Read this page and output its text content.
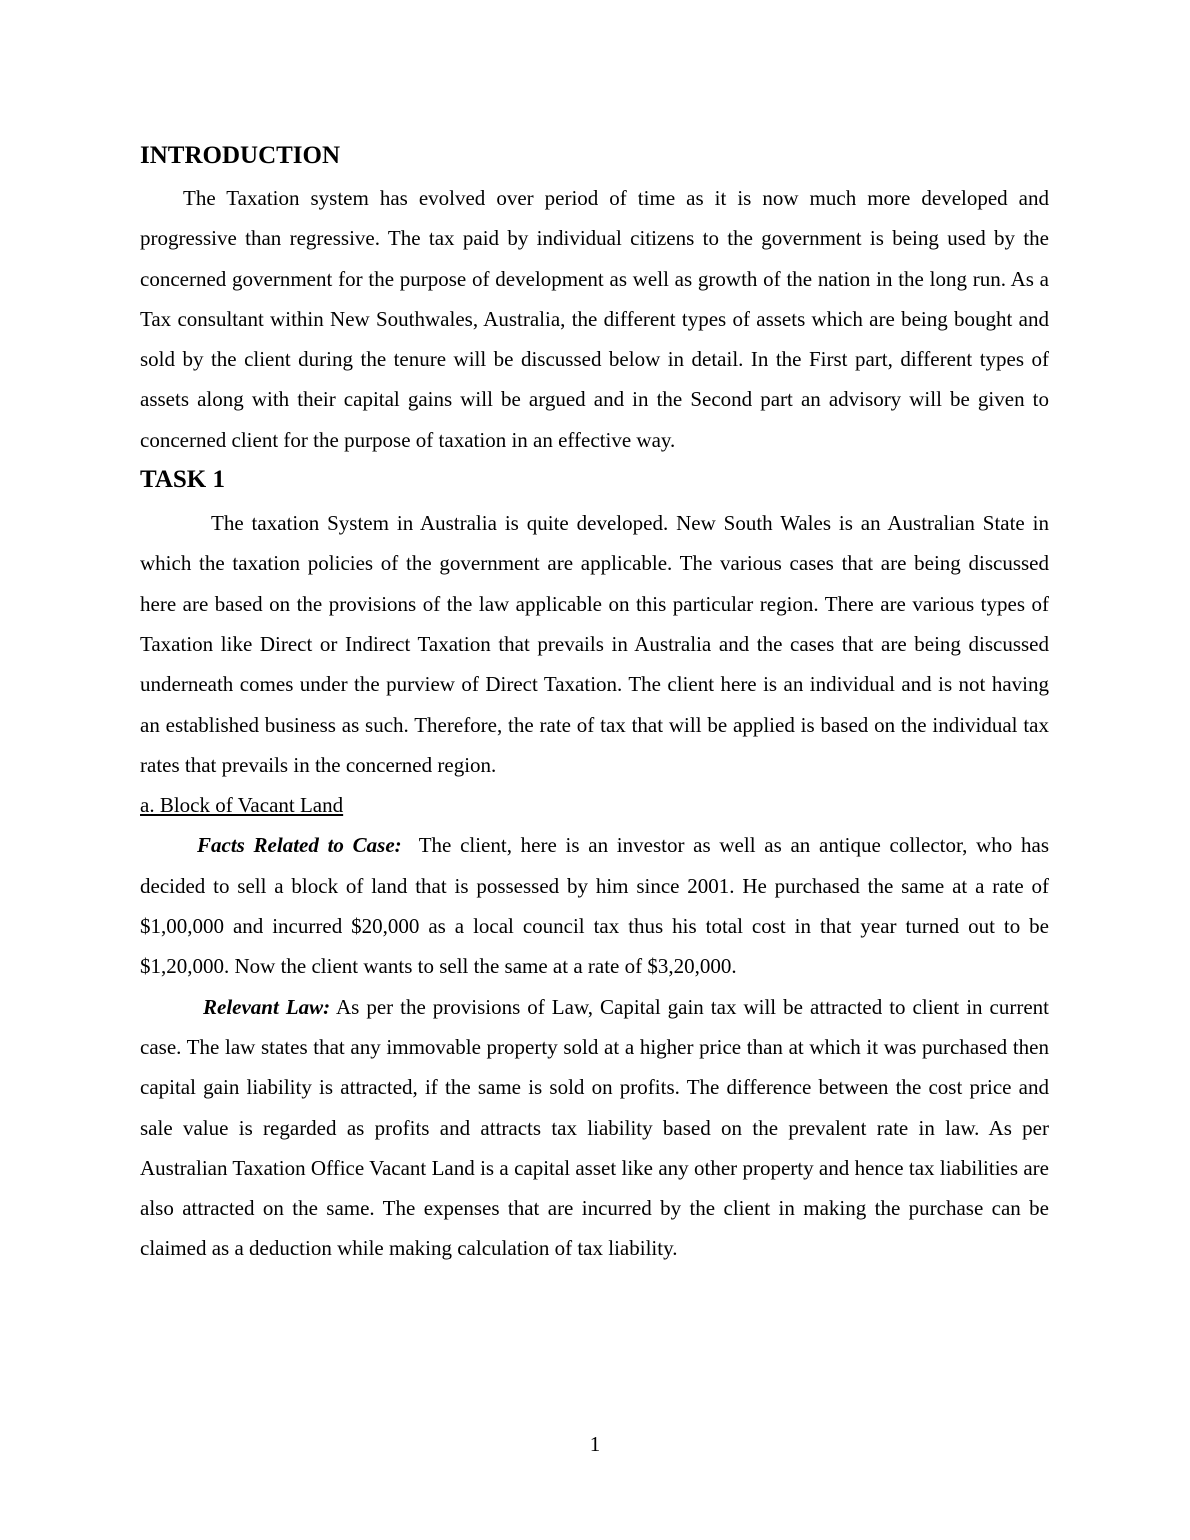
INTRODUCTION

The Taxation system has evolved over period of time as it is now much more developed and progressive than regressive. The tax paid by individual citizens to the government is being used by the concerned government for the purpose of development as well as growth of the nation in the long run. As a Tax consultant within New Southwales, Australia, the different types of assets which are being bought and sold by the client during the tenure will be discussed below in detail. In the First part, different types of assets along with their capital gains will be argued and in the Second part an advisory will be given to concerned client for the purpose of taxation in an effective way.

TASK 1

The taxation System in Australia is quite developed. New South Wales is an Australian State in which the taxation policies of the government are applicable. The various cases that are being discussed here are based on the provisions of the law applicable on this particular region. There are various types of Taxation like Direct or Indirect Taxation that prevails in Australia and the cases that are being discussed underneath comes under the purview of Direct Taxation. The client here is an individual and is not having an established business as such. Therefore, the rate of tax that will be applied is based on the individual tax rates that prevails in the concerned region.

a. Block of Vacant Land

Facts Related to Case:  The client, here is an investor as well as an antique collector, who has decided to sell a block of land that is possessed by him since 2001. He purchased the same at a rate of $1,00,000 and incurred $20,000 as a local council tax thus his total cost in that year turned out to be $1,20,000. Now the client wants to sell the same at a rate of $3,20,000.

Relevant Law: As per the provisions of Law, Capital gain tax will be attracted to client in current case. The law states that any immovable property sold at a higher price than at which it was purchased then capital gain liability is attracted, if the same is sold on profits. The difference between the cost price and sale value is regarded as profits and attracts tax liability based on the prevalent rate in law. As per Australian Taxation Office Vacant Land is a capital asset like any other property and hence tax liabilities are also attracted on the same. The expenses that are incurred by the client in making the purchase can be claimed as a deduction while making calculation of tax liability.

1
